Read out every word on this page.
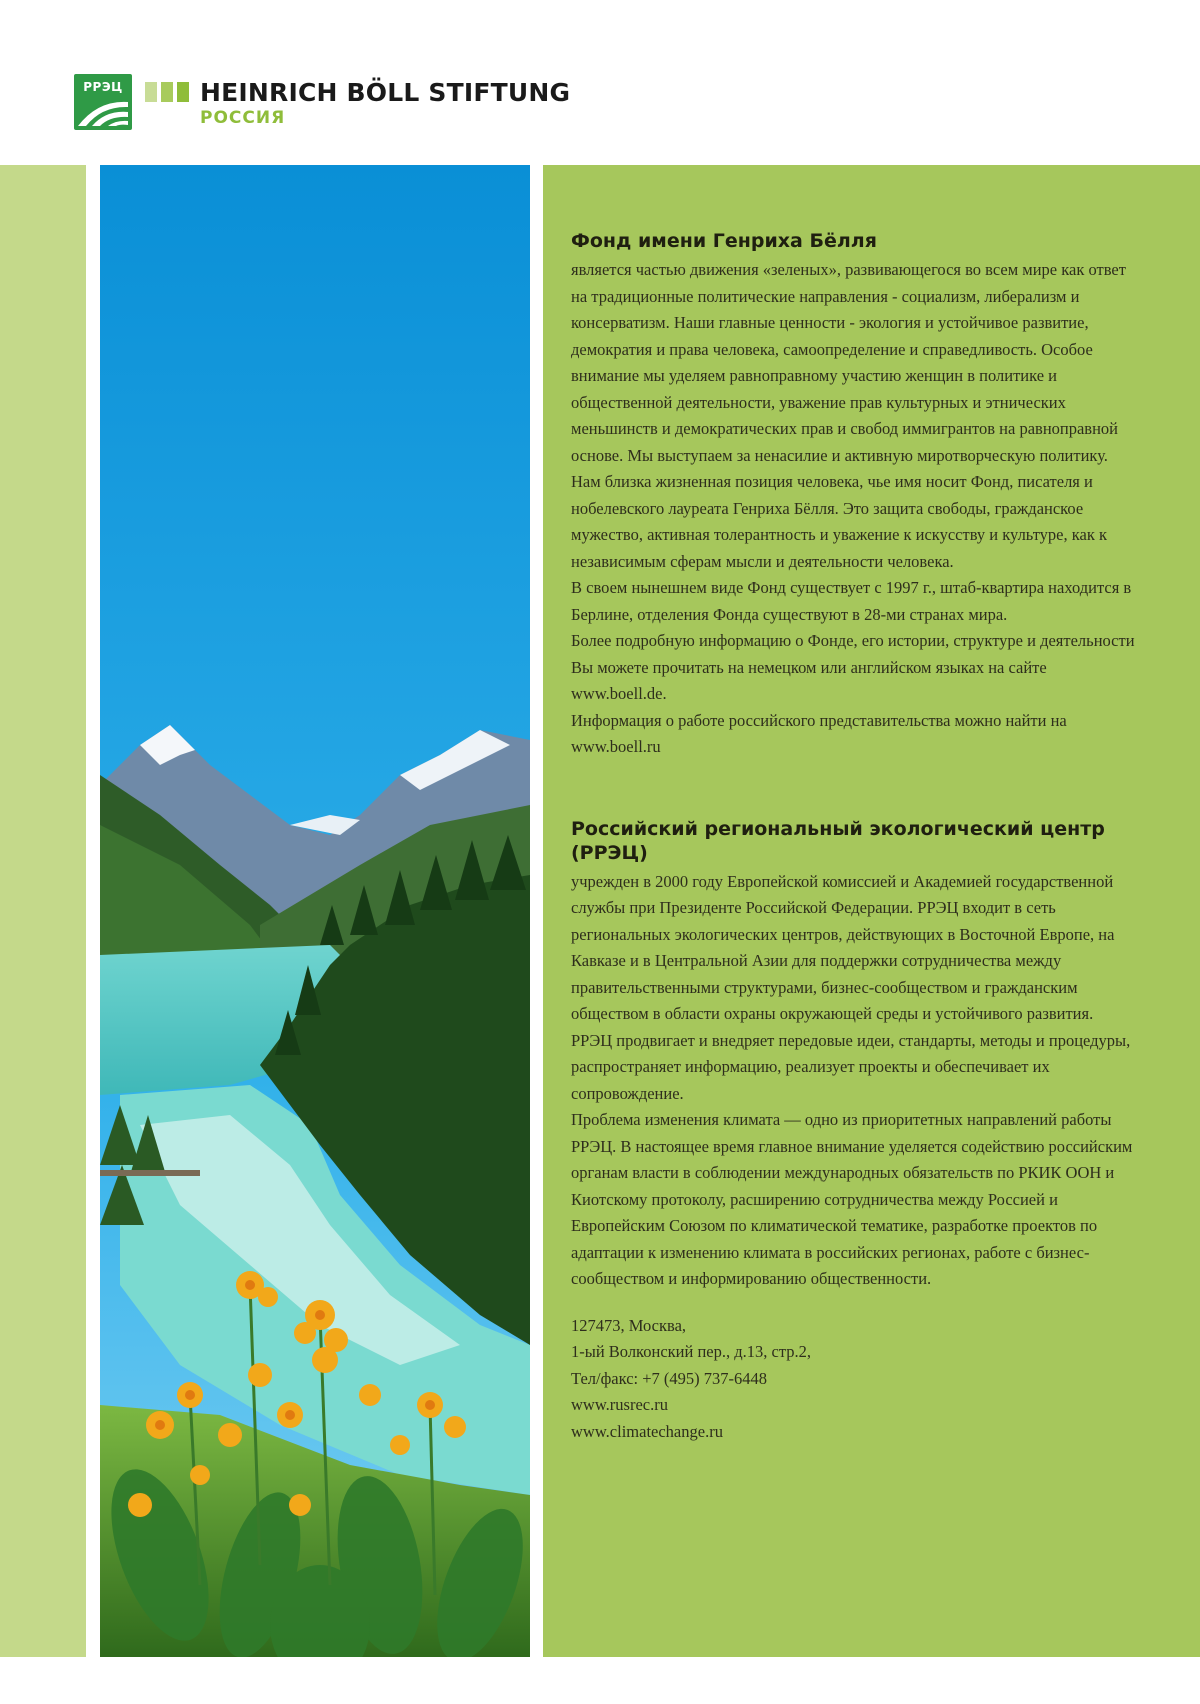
РРЭЦ	HEINRICH BÖLL STIFTUNG
РОССИЯ
Фонд имени Генриха Бёлля

является частью движения «зеленых», развивающегося во всем мире как ответ на традиционные политические направления - социализм, либерализм и консерватизм. Наши главные ценности - экология и устойчивое развитие, демократия и права человека, самоопределение и справедливость. Особое внимание мы уделяем равноправному участию женщин в политике и общественной деятельности, уважение прав культурных и этнических меньшинств и демократических прав и свобод иммигрантов на равноправной основе. Мы выступаем за ненасилие и активную миротворческую политику.

Нам близка жизненная позиция человека, чье имя носит Фонд, писателя и нобелевского лауреата Генриха Бёлля. Это защита свободы, гражданское мужество, активная толерантность и уважение к искусству и культуре, как к независимым сферам мысли и деятельности человека.

В своем нынешнем виде Фонд существует с 1997 г., штаб-квартира находится в Берлине, отделения Фонда существуют в 28-ми странах мира.

Более подробную информацию о Фонде, его истории, структуре и деятельности Вы можете прочитать на немецком или английском языках на сайте www.boell.de.

Информация о работе российского представительства можно найти на www.boell.ru

Российский региональный экологический центр (РРЭЦ)

учрежден в 2000 году Европейской комиссией и Академией государственной службы при Президенте Российской Федерации. РРЭЦ входит в сеть региональных экологических центров, действующих в Восточной Европе, на Кавказе и в Центральной Азии для поддержки сотрудничества между правительственными структурами, бизнес-сообществом и гражданским обществом в области охраны окружающей среды и устойчивого развития.

РРЭЦ продвигает и внедряет передовые идеи, стандарты, методы и процедуры, распространяет информацию, реализует проекты и обеспечивает их сопровождение.

Проблема изменения климата — одно из приоритетных направлений работы РРЭЦ. В настоящее время главное внимание уделяется содействию российским органам власти в соблюдении международных обязательств по РКИК ООН и Киотскому протоколу, расширению сотрудничества между Россией и Европейским Союзом по климатической тематике, разработке проектов по адаптации к изменению климата в российских регионах, работе с бизнес-сообществом и информированию общественности.

127473, Москва,

1-ый Волконский пер., д.13, стр.2,

Тел/факс: +7 (495) 737-6448

www.rusrec.ru

www.climatechange.ru
